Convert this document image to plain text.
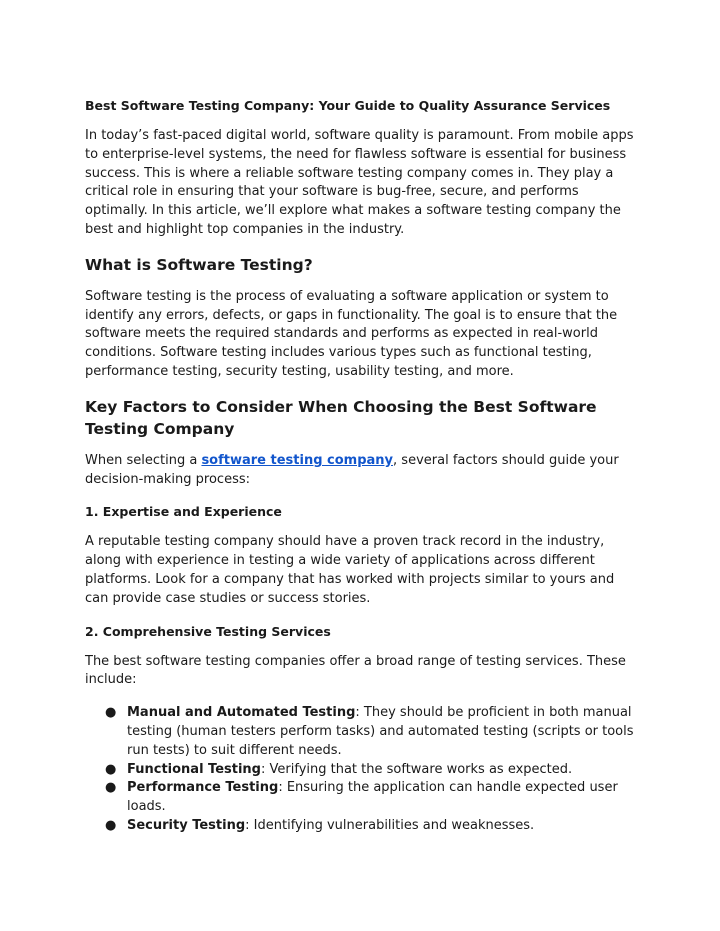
Best Software Testing Company: Your Guide to Quality Assurance Services

In today’s fast-paced digital world, software quality is paramount. From mobile apps to enterprise-level systems, the need for flawless software is essential for business success. This is where a reliable software testing company comes in. They play a critical role in ensuring that your software is bug-free, secure, and performs optimally. In this article, we’ll explore what makes a software testing company the best and highlight top companies in the industry.

What is Software Testing?

Software testing is the process of evaluating a software application or system to identify any errors, defects, or gaps in functionality. The goal is to ensure that the software meets the required standards and performs as expected in real-world conditions. Software testing includes various types such as functional testing, performance testing, security testing, usability testing, and more.

Key Factors to Consider When Choosing the Best Software Testing Company

When selecting a software testing company, several factors should guide your decision-making process:

1. Expertise and Experience

A reputable testing company should have a proven track record in the industry, along with experience in testing a wide variety of applications across different platforms. Look for a company that has worked with projects similar to yours and can provide case studies or success stories.

2. Comprehensive Testing Services

The best software testing companies offer a broad range of testing services. These include:

● Manual and Automated Testing: They should be proficient in both manual testing (human testers perform tasks) and automated testing (scripts or tools run tests) to suit different needs.
● Functional Testing: Verifying that the software works as expected.
● Performance Testing: Ensuring the application can handle expected user loads.
● Security Testing: Identifying vulnerabilities and weaknesses.
